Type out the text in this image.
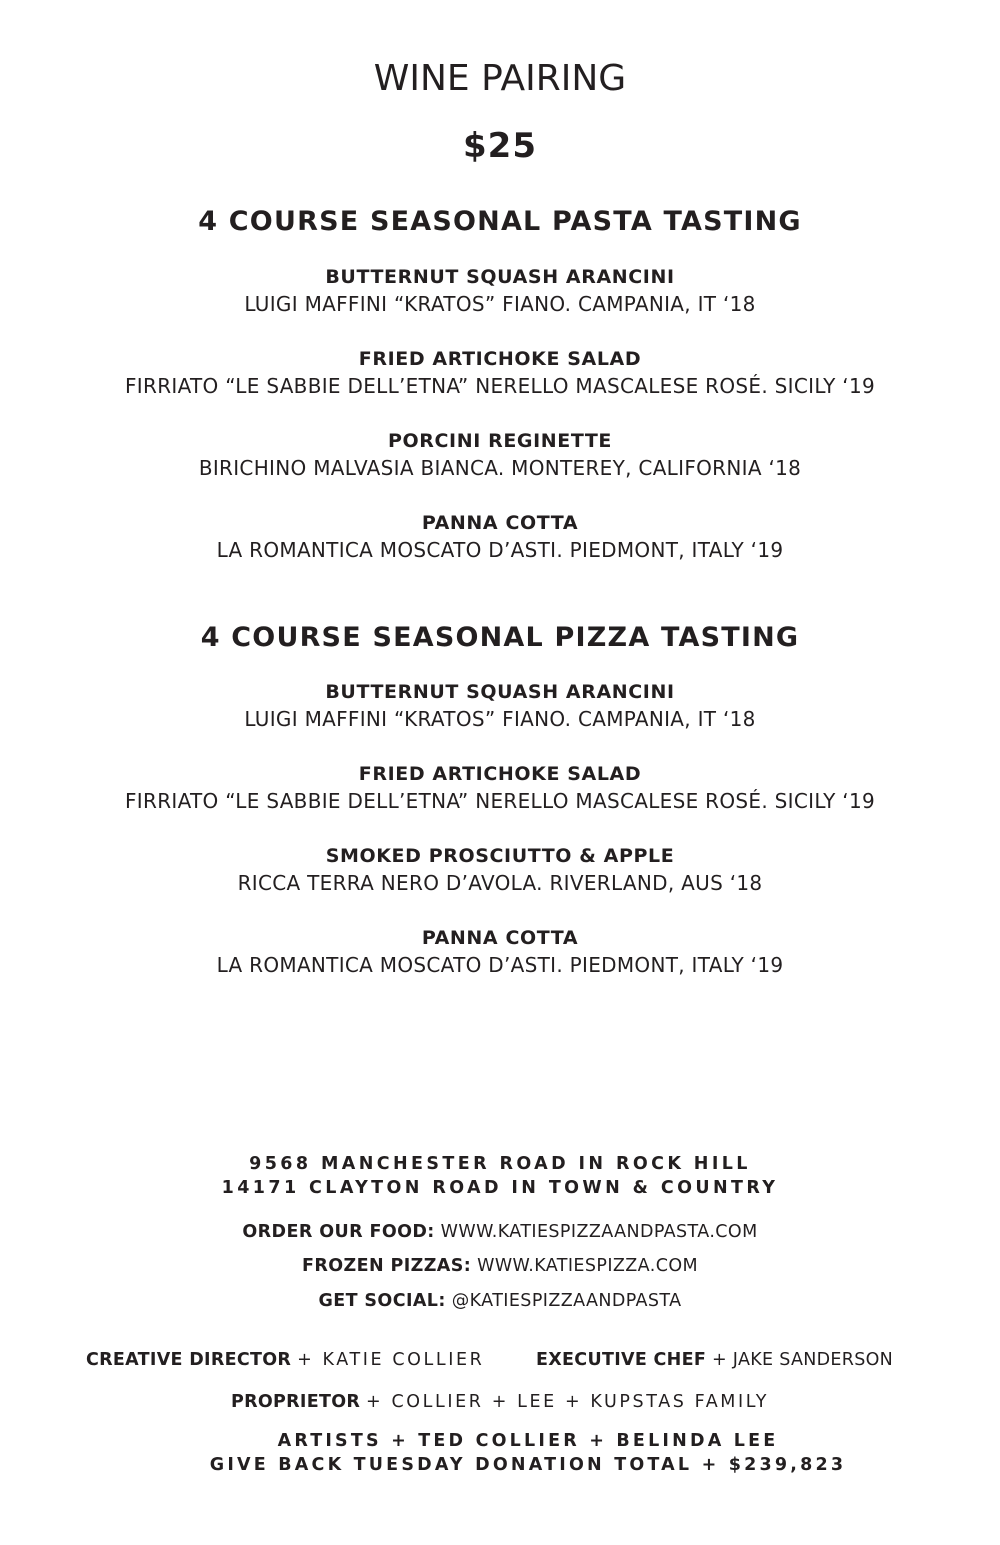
WINE PAIRING
$25
4 COURSE SEASONAL PASTA TASTING
BUTTERNUT SQUASH ARANCINI
LUIGI MAFFINI “KRATOS” FIANO. CAMPANIA, IT ‘18
FRIED ARTICHOKE SALAD
FIRRIATO “LE SABBIE DELL’ETNA” NERELLO MASCALESE ROSÉ. SICILY ‘19
PORCINI REGINETTE
BIRICHINO MALVASIA BIANCA. MONTEREY, CALIFORNIA ‘18
PANNA COTTA
LA ROMANTICA MOSCATO D’ASTI. PIEDMONT, ITALY ‘19
4 COURSE SEASONAL PIZZA TASTING
BUTTERNUT SQUASH ARANCINI
LUIGI MAFFINI “KRATOS” FIANO. CAMPANIA, IT ‘18
FRIED ARTICHOKE SALAD
FIRRIATO “LE SABBIE DELL’ETNA” NERELLO MASCALESE ROSÉ. SICILY ‘19
SMOKED PROSCIUTTO & APPLE
RICCA TERRA NERO D’AVOLA. RIVERLAND, AUS ‘18
PANNA COTTA
LA ROMANTICA MOSCATO D’ASTI. PIEDMONT, ITALY ‘19
9568 MANCHESTER ROAD IN ROCK HILL
14171 CLAYTON ROAD IN TOWN & COUNTRY
ORDER OUR FOOD: WWW.KATIESPIZZAANDPASTA.COM
FROZEN PIZZAS: WWW.KATIESPIZZA.COM
GET SOCIAL: @KATIESPIZZAANDPASTA
CREATIVE DIRECTOR + KATIE COLLIER	EXECUTIVE CHEF + JAKE SANDERSON
PROPRIETOR + COLLIER + LEE + KUPSTAS FAMILY
ARTISTS + TED COLLIER + BELINDA LEE
GIVE BACK TUESDAY DONATION TOTAL + $239,823
